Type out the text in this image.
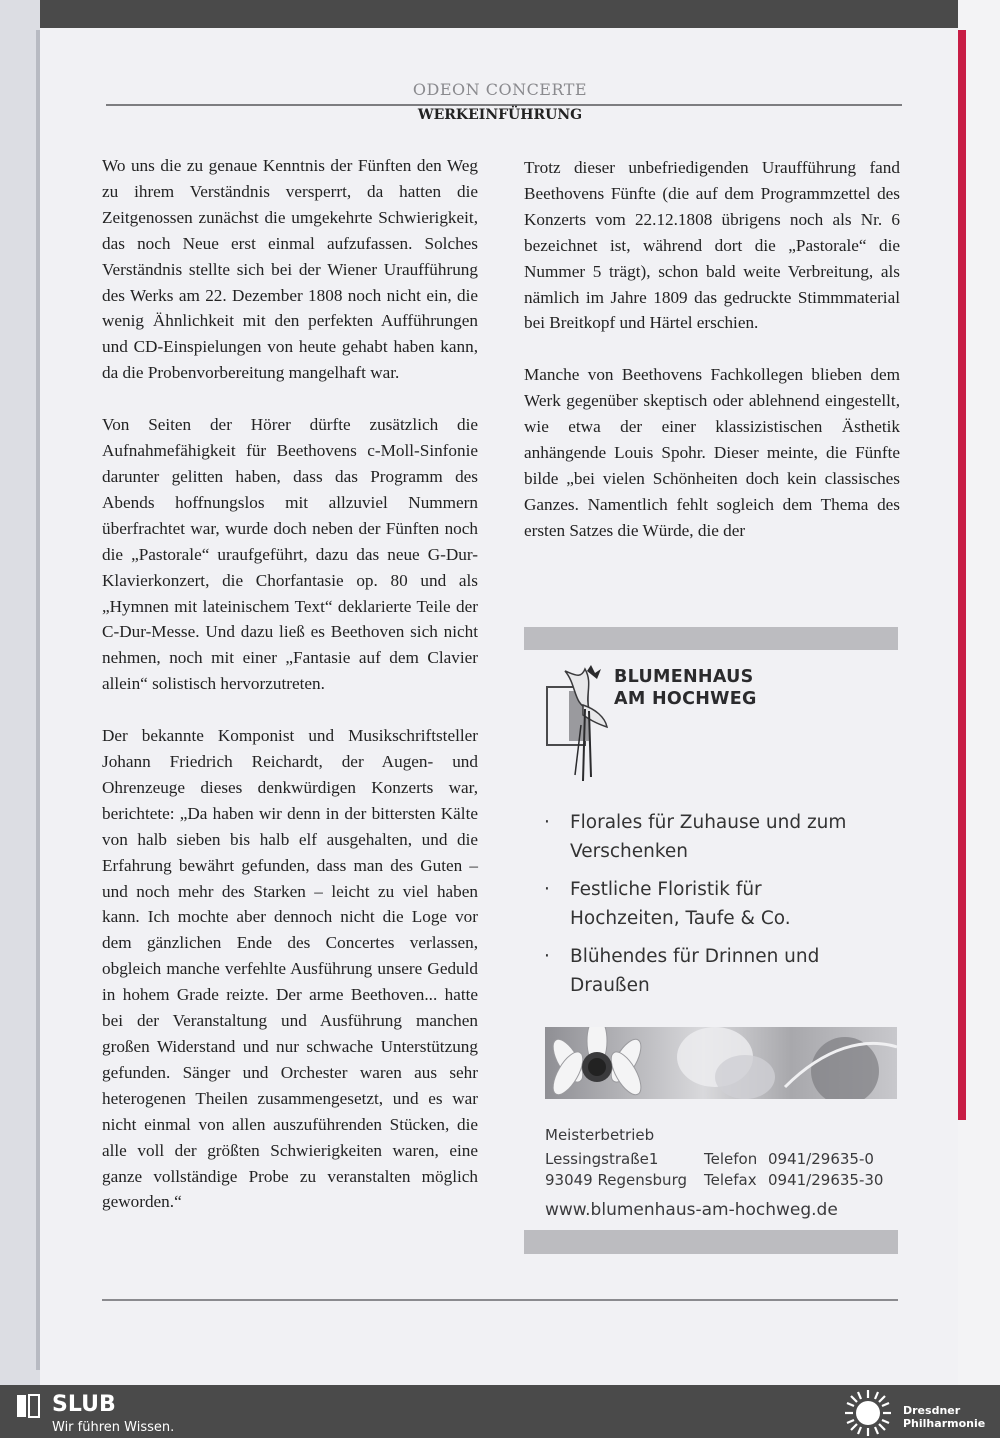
ODEON CONCERTE
WERKEINFÜHRUNG

Wo uns die zu genaue Kenntnis der Fünften den Weg zu ihrem Verständnis versperrt, da hatten die Zeitgenossen zunächst die umgekehrte Schwierigkeit, das noch Neue erst einmal aufzufassen. Solches Verständnis stellte sich bei der Wiener Uraufführung des Werks am 22. Dezember 1808 noch nicht ein, die wenig Ähnlichkeit mit den perfekten Aufführungen und CD-Einspielungen von heute gehabt haben kann, da die Probenvorbereitung mangelhaft war.

Von Seiten der Hörer dürfte zusätzlich die Aufnahmefähigkeit für Beethovens c-Moll-Sinfonie darunter gelitten haben, dass das Programm des Abends hoffnungslos mit allzuviel Nummern überfrachtet war, wurde doch neben der Fünften noch die „Pastorale“ uraufgeführt, dazu das neue G-Dur-Klavierkonzert, die Chorfantasie op. 80 und als „Hymnen mit lateinischem Text“ deklarierte Teile der C-Dur-Messe. Und dazu ließ es Beethoven sich nicht nehmen, noch mit einer „Fantasie auf dem Clavier allein“ solistisch hervorzutreten.

Der bekannte Komponist und Musikschriftsteller Johann Friedrich Reichardt, der Augen- und Ohrenzeuge dieses denkwürdigen Konzerts war, berichtete: „Da haben wir denn in der bittersten Kälte von halb sieben bis halb elf ausgehalten, und die Erfahrung bewährt gefunden, dass man des Guten – und noch mehr des Starken – leicht zu viel haben kann. Ich mochte aber dennoch nicht die Loge vor dem gänzlichen Ende des Concertes verlassen, obgleich manche verfehlte Ausführung unsere Geduld in hohem Grade reizte. Der arme Beethoven... hatte bei der Veranstaltung und Ausführung manchen großen Widerstand und nur schwache Unterstützung gefunden. Sänger und Orchester waren aus sehr heterogenen Theilen zusammengesetzt, und es war nicht einmal von allen auszuführenden Stücken, die alle voll der größten Schwierigkeiten waren, eine ganze vollständige Probe zu veranstalten möglich geworden.“

Trotz dieser unbefriedigenden Uraufführung fand Beethovens Fünfte (die auf dem Programmzettel des Konzerts vom 22.12.1808 übrigens noch als Nr. 6 bezeichnet ist, während dort die „Pastorale“ die Nummer 5 trägt), schon bald weite Verbreitung, als nämlich im Jahre 1809 das gedruckte Stimmmaterial bei Breitkopf und Härtel erschien.

Manche von Beethovens Fachkollegen blieben dem Werk gegenüber skeptisch oder ablehnend eingestellt, wie etwa der einer klassizistischen Ästhetik anhängende Louis Spohr. Dieser meinte, die Fünfte bilde „bei vielen Schönheiten doch kein classisches Ganzes. Namentlich fehlt sogleich dem Thema des ersten Satzes die Würde, die der

BLUMENHAUS
AM HOCHWEG
· Florales für Zuhause und zum Verschenken
· Festliche Floristik für Hochzeiten, Taufe & Co.
· Blühendes für Drinnen und Draußen
Meisterbetrieb
Lessingstraße1
93049 Regensburg
Telefon 0941/29635-0
Telefax 0941/29635-30
www.blumenhaus-am-hochweg.de
SLUB
Wir führen Wissen.
Dresdner
Philharmonie
